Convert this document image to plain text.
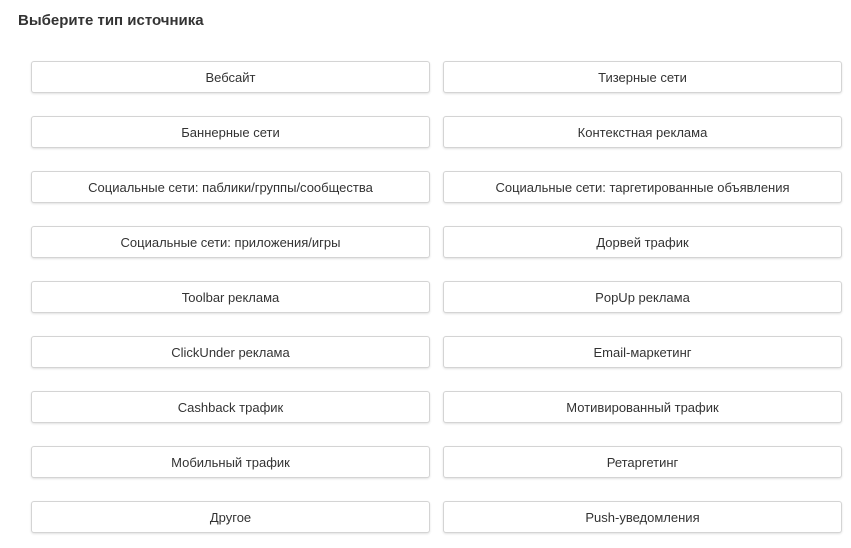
Выберите тип источника
Вебсайт	Тизерные сети
Баннерные сети	Контекстная реклама
Социальные сети: паблики/группы/сообщества	Социальные сети: таргетированные объявления
Социальные сети: приложения/игры	Дорвей трафик
Toolbar реклама	PopUp реклама
ClickUnder реклама	Email-маркетинг
Cashback трафик	Мотивированный трафик
Мобильный трафик	Ретаргетинг
Другое	Push-уведомления
